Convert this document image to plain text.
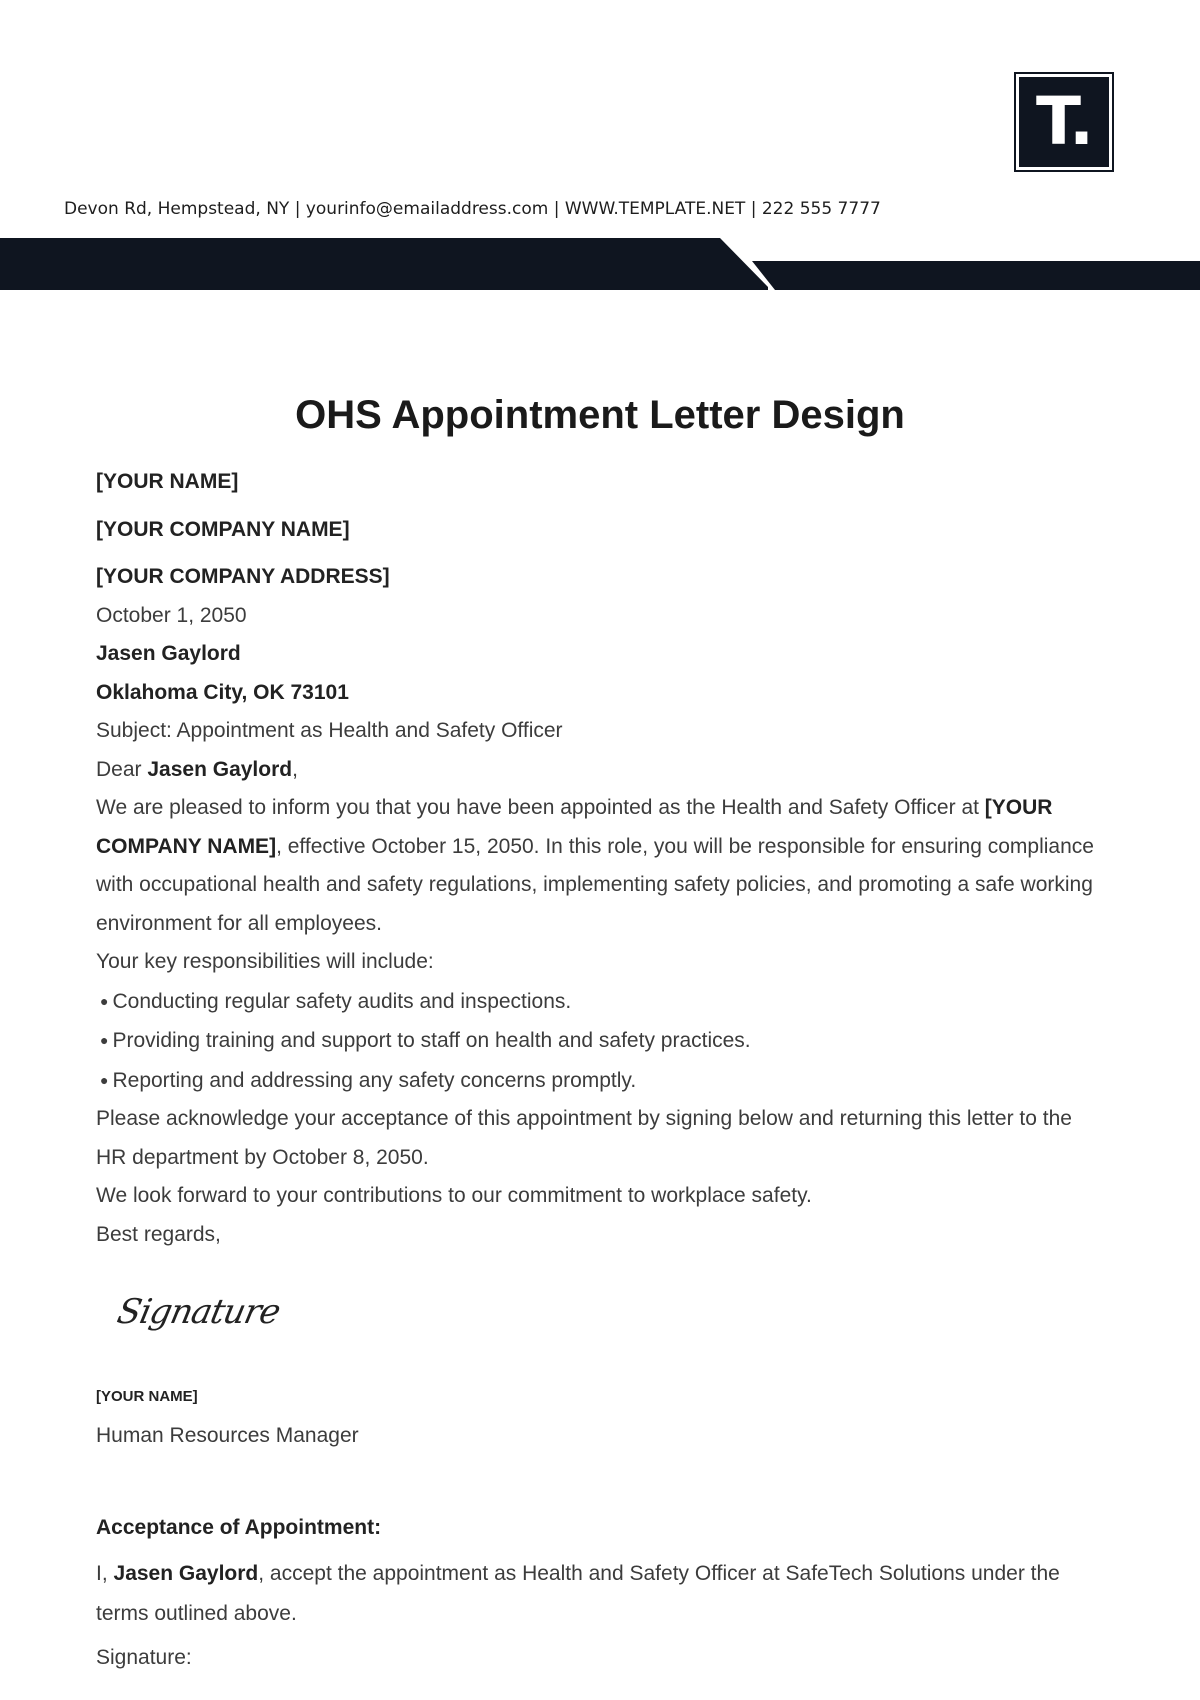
T.
Devon Rd, Hempstead, NY | yourinfo@emailaddress.com | WWW.TEMPLATE.NET | 222 555 7777
OHS Appointment Letter Design

[YOUR NAME]

[YOUR COMPANY NAME]

[YOUR COMPANY ADDRESS]

October 1, 2050

Jasen Gaylord

Oklahoma City, OK 73101

Subject: Appointment as Health and Safety Officer

Dear Jasen Gaylord,

We are pleased to inform you that you have been appointed as the Health and Safety Officer at [YOUR COMPANY NAME], effective October 15, 2050. In this role, you will be responsible for ensuring compliance with occupational health and safety regulations, implementing safety policies, and promoting a safe working environment for all employees.

Your key responsibilities will include:

● Conducting regular safety audits and inspections.

● Providing training and support to staff on health and safety practices.

● Reporting and addressing any safety concerns promptly.

Please acknowledge your acceptance of this appointment by signing below and returning this letter to the HR department by October 8, 2050.

We look forward to your contributions to our commitment to workplace safety.

Best regards,

Signature
[YOUR NAME]
Human Resources Manager

Acceptance of Appointment:

I, Jasen Gaylord, accept the appointment as Health and Safety Officer at SafeTech Solutions under the terms outlined above.

Signature:
